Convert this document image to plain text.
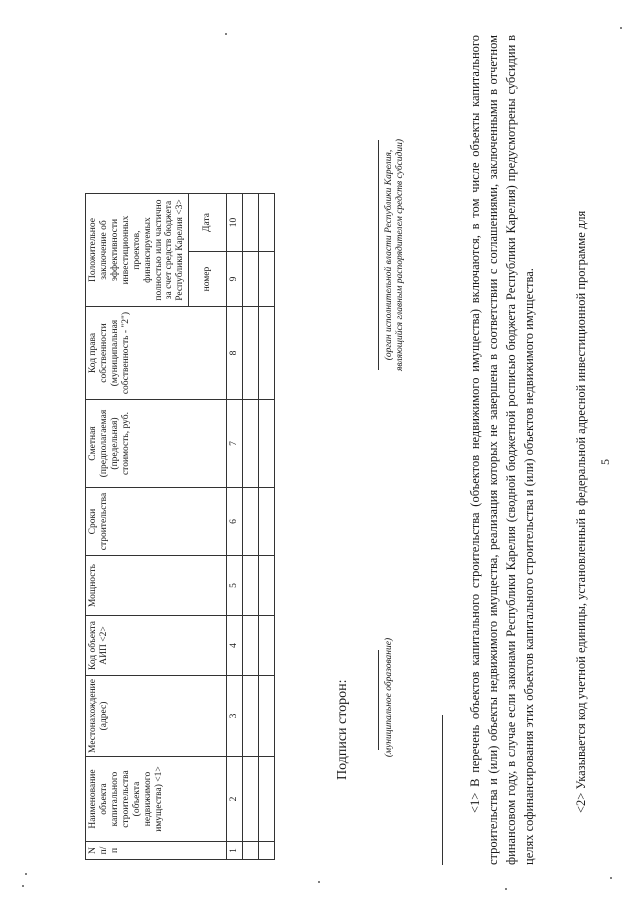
N п/п	Наименование объекта капитального строительства (объекта недвижимого имущества) <1>	Местонахождение (адрес)	Код объекта АИП <2>	Мощность	Сроки строительства	Сметная (предполагаемая (предельная) стоимость, руб.	Код права собственности (муниципальная собственность - "2")	Положительное заключение об эффективности инвестиционных проектов, финансируемых полностью или частично за счет средств бюджета Республики Карелия <3>	
								номер	Дата
1	2	3	4	5	6	7	8	9	10

Подписи сторон:	(муниципальное образование)
(орган исполнительной власти Республики Карелия, являющийся главным распорядителем средств субсидии)	<1> В перечень объектов капитального строительства (объектов недвижимого имущества) включаются, в том числе объекты капитального строительства и (или) объекты недвижимого имущества, реализация которых не завершена в соответствии с соглашениями, заключенными в отчетном финансовом году, в случае если законами Республики Карелия (сводной бюджетной росписью бюджета Республики Карелия) предусмотрены субсидии в целях софинансирования этих объектов капитального строительства и (или) объектов недвижимого имущества.	<2> Указывается код учетной единицы, установленный в федеральной адресной инвестиционной программе для 5
